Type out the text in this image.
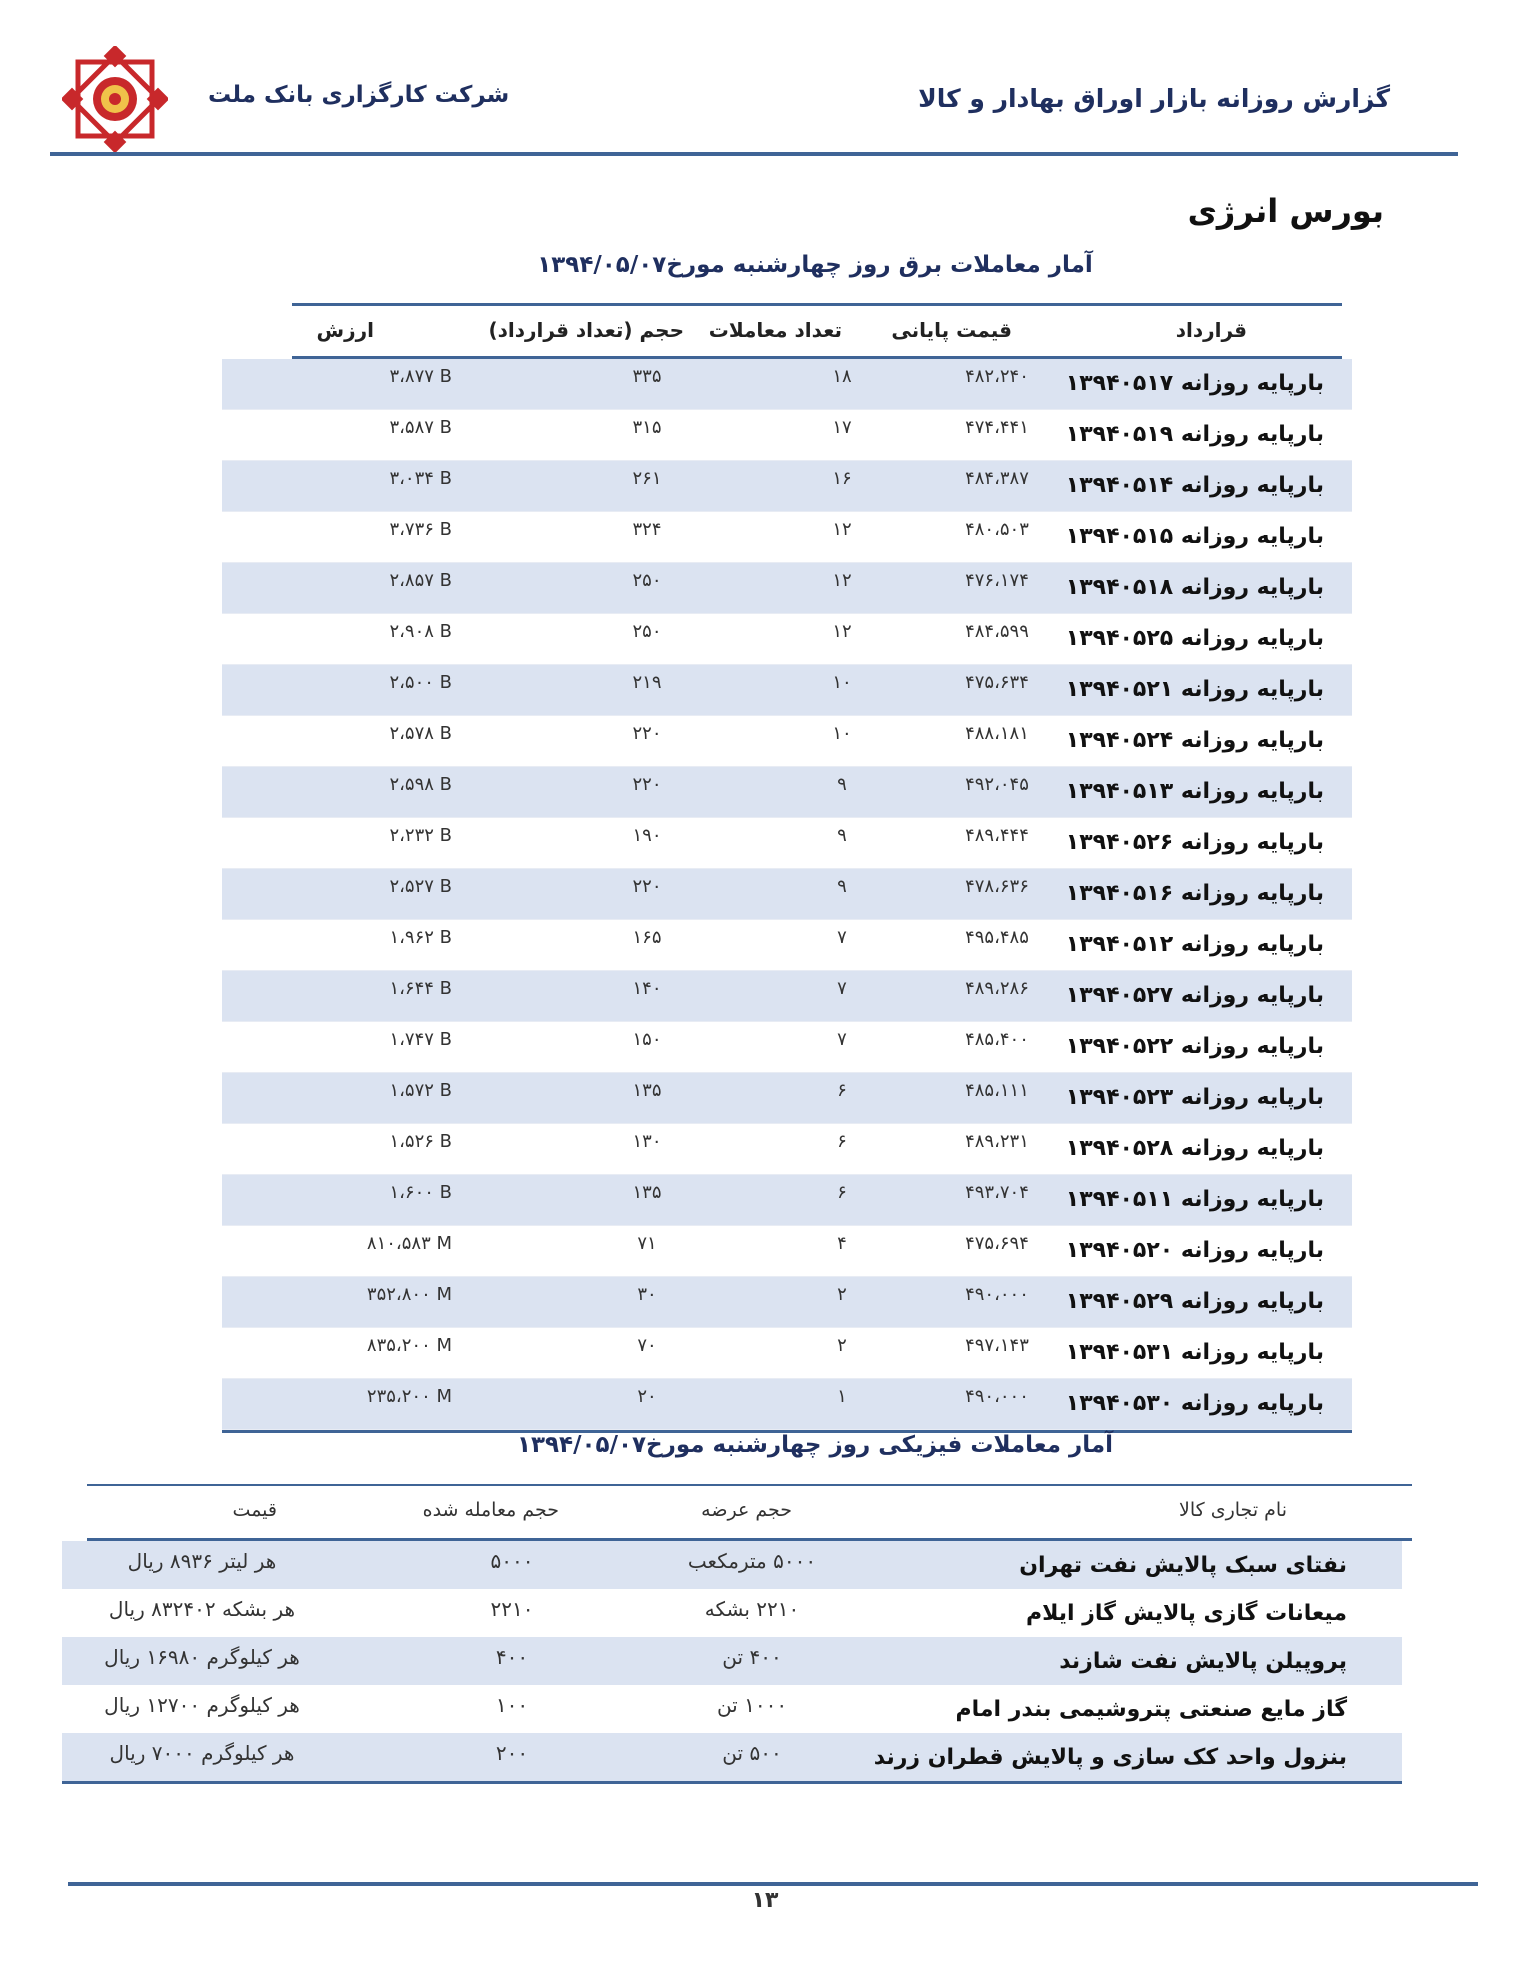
شرکت کارگزاری بانک ملت	گزارش روزانه بازار اوراق بهادار و کالا
بورس انرژی
آمار معاملات برق روز چهارشنبه مورخ۱۳۹۴/۰۵/۰۷
قرارداد
قیمت پایانی
تعداد معاملات
حجم (تعداد قرارداد)
ارزش
بارپایه روزانه ۱۳۹۴۰۵۱۷
۴۸۲،۲۴۰
۱۸
۳۳۵
۳،۸۷۷ B
بارپایه روزانه ۱۳۹۴۰۵۱۹
۴۷۴،۴۴۱
۱۷
۳۱۵
۳،۵۸۷ B
بارپایه روزانه ۱۳۹۴۰۵۱۴
۴۸۴،۳۸۷
۱۶
۲۶۱
۳،۰۳۴ B
بارپایه روزانه ۱۳۹۴۰۵۱۵
۴۸۰،۵۰۳
۱۲
۳۲۴
۳،۷۳۶ B
بارپایه روزانه ۱۳۹۴۰۵۱۸
۴۷۶،۱۷۴
۱۲
۲۵۰
۲،۸۵۷ B
بارپایه روزانه ۱۳۹۴۰۵۲۵
۴۸۴،۵۹۹
۱۲
۲۵۰
۲،۹۰۸ B
بارپایه روزانه ۱۳۹۴۰۵۲۱
۴۷۵،۶۳۴
۱۰
۲۱۹
۲،۵۰۰ B
بارپایه روزانه ۱۳۹۴۰۵۲۴
۴۸۸،۱۸۱
۱۰
۲۲۰
۲،۵۷۸ B
بارپایه روزانه ۱۳۹۴۰۵۱۳
۴۹۲،۰۴۵
۹
۲۲۰
۲،۵۹۸ B
بارپایه روزانه ۱۳۹۴۰۵۲۶
۴۸۹،۴۴۴
۹
۱۹۰
۲،۲۳۲ B
بارپایه روزانه ۱۳۹۴۰۵۱۶
۴۷۸،۶۳۶
۹
۲۲۰
۲،۵۲۷ B
بارپایه روزانه ۱۳۹۴۰۵۱۲
۴۹۵،۴۸۵
۷
۱۶۵
۱،۹۶۲ B
بارپایه روزانه ۱۳۹۴۰۵۲۷
۴۸۹،۲۸۶
۷
۱۴۰
۱،۶۴۴ B
بارپایه روزانه ۱۳۹۴۰۵۲۲
۴۸۵،۴۰۰
۷
۱۵۰
۱،۷۴۷ B
بارپایه روزانه ۱۳۹۴۰۵۲۳
۴۸۵،۱۱۱
۶
۱۳۵
۱،۵۷۲ B
بارپایه روزانه ۱۳۹۴۰۵۲۸
۴۸۹،۲۳۱
۶
۱۳۰
۱،۵۲۶ B
بارپایه روزانه ۱۳۹۴۰۵۱۱
۴۹۳،۷۰۴
۶
۱۳۵
۱،۶۰۰ B
بارپایه روزانه ۱۳۹۴۰۵۲۰
۴۷۵،۶۹۴
۴
۷۱
۸۱۰،۵۸۳ M
بارپایه روزانه ۱۳۹۴۰۵۲۹
۴۹۰،۰۰۰
۲
۳۰
۳۵۲،۸۰۰ M
بارپایه روزانه ۱۳۹۴۰۵۳۱
۴۹۷،۱۴۳
۲
۷۰
۸۳۵،۲۰۰ M
بارپایه روزانه ۱۳۹۴۰۵۳۰
۴۹۰،۰۰۰
۱
۲۰
۲۳۵،۲۰۰ M
آمار معاملات فیزیکی روز چهارشنبه مورخ۱۳۹۴/۰۵/۰۷
نام تجاری کالا
حجم عرضه
حجم معامله شده
قیمت
نفتای سبک پالایش نفت تهران
۵۰۰۰ مترمکعب
۵۰۰۰
هر لیتر ۸۹۳۶ ریال
میعانات گازی پالایش گاز ایلام
۲۲۱۰ بشکه
۲۲۱۰
هر بشکه ۸۳۲۴۰۲ ریال
پروپیلن پالایش نفت شازند
۴۰۰ تن
۴۰۰
هر کیلوگرم ۱۶۹۸۰ ریال
گاز مایع صنعتی پتروشیمی بندر امام
۱۰۰۰ تن
۱۰۰
هر کیلوگرم ۱۲۷۰۰ ریال
بنزول واحد کک سازی و پالایش قطران زرند
۵۰۰ تن
۲۰۰
هر کیلوگرم ۷۰۰۰ ریال
۱۳
